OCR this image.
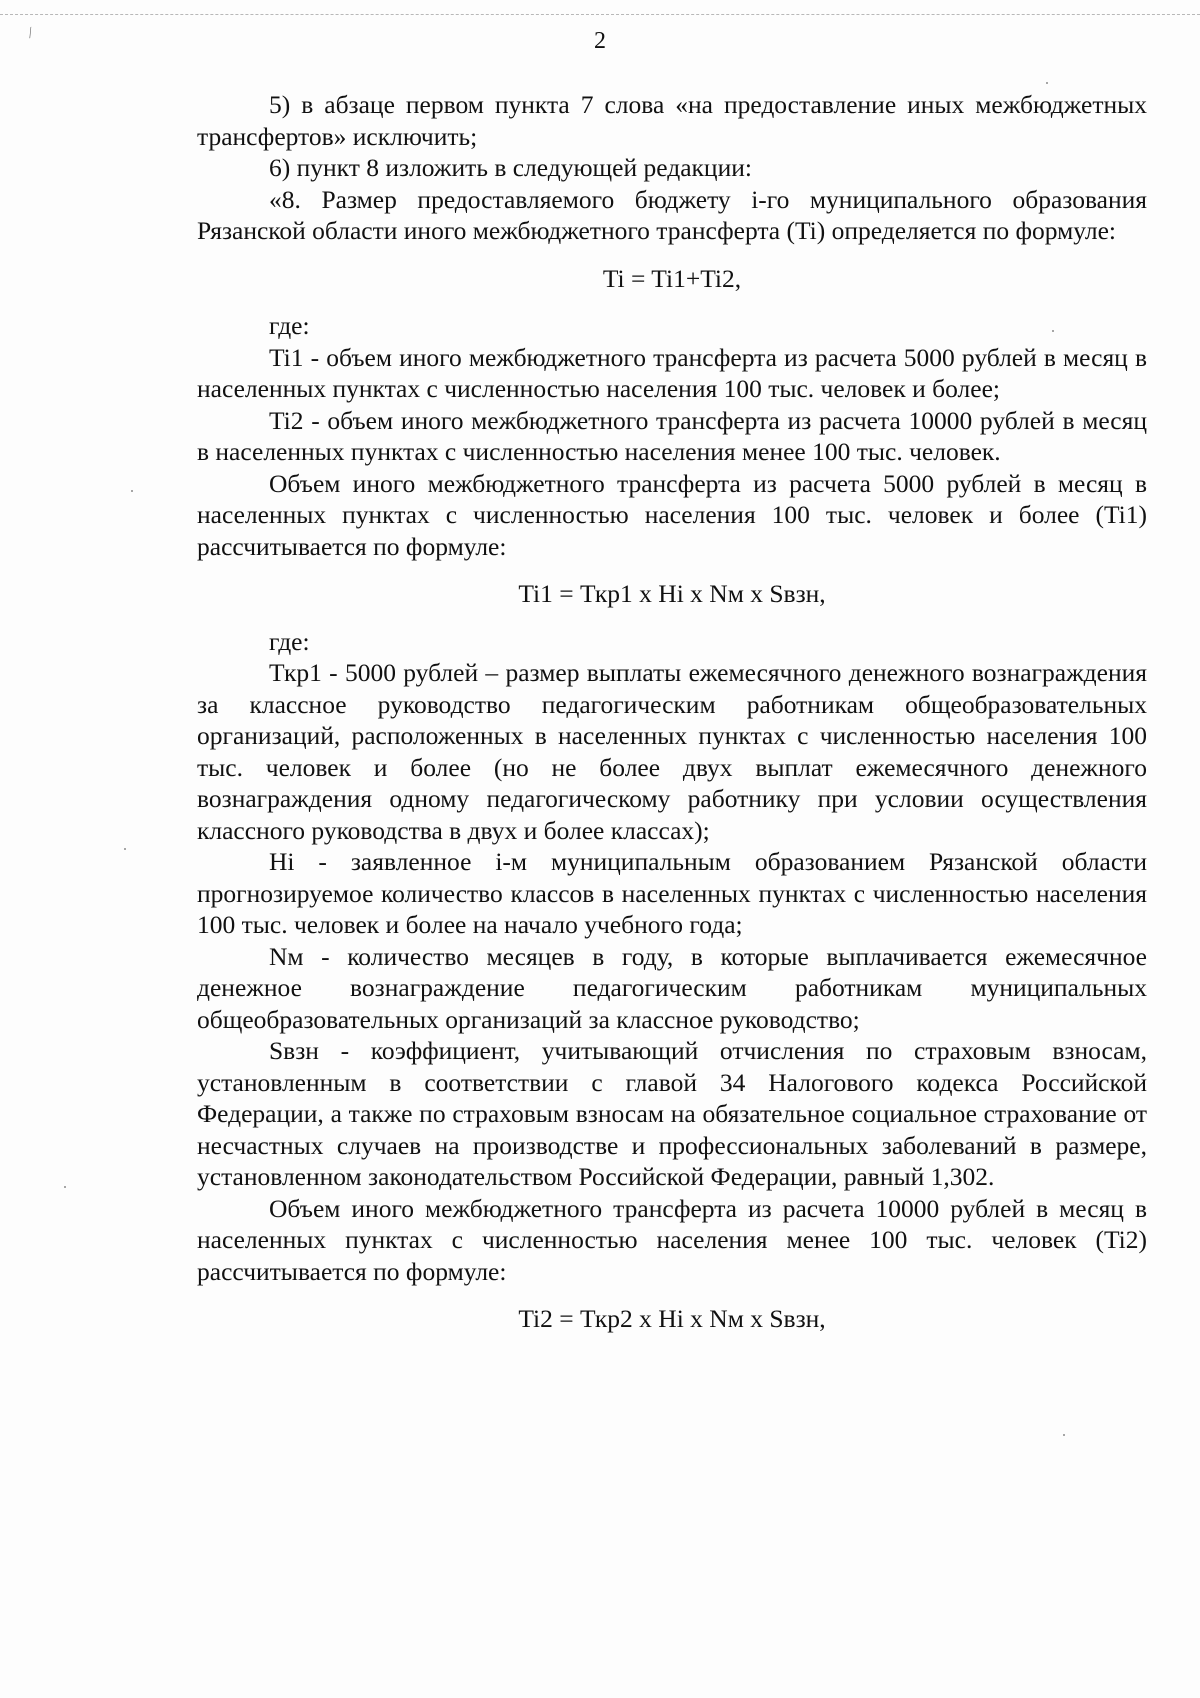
⁄	2

5) в абзаце первом пункта 7 слова «на предоставление иных межбюджетных трансфертов» исключить;

6) пункт 8 изложить в следующей редакции:

«8. Размер предоставляемого бюджету i-го муниципального образования Рязанской области иного межбюджетного трансферта (Ti) определяется по формуле:

Ti = Ti1+Ti2,

где:

Ti1 - объем иного межбюджетного трансферта из расчета 5000 рублей в месяц в населенных пунктах с численностью населения 100 тыс. человек и более;

Ti2 - объем иного межбюджетного трансферта из расчета 10000 рублей в месяц в населенных пунктах с численностью населения менее 100 тыс. человек.

Объем иного межбюджетного трансферта из расчета 5000 рублей в месяц в населенных пунктах с численностью населения 100 тыс. человек и более (Ti1) рассчитывается по формуле:

Ti1 = Ткр1 х Hi х Nм х Sвзн,

где:

Ткр1 - 5000 рублей – размер выплаты ежемесячного денежного вознаграждения за классное руководство педагогическим работникам общеобразовательных организаций, расположенных в населенных пунктах с численностью населения 100 тыс. человек и более (но не более двух выплат ежемесячного денежного вознаграждения одному педагогическому работнику при условии осуществления классного руководства в двух и более классах);

Hi - заявленное i-м муниципальным образованием Рязанской области прогнозируемое количество классов в населенных пунктах с численностью населения 100 тыс. человек и более на начало учебного года;

Nм - количество месяцев в году, в которые выплачивается ежемесячное денежное вознаграждение педагогическим работникам муниципальных общеобразовательных организаций за классное руководство;

Sвзн - коэффициент, учитывающий отчисления по страховым взносам, установленным в соответствии с главой 34 Налогового кодекса Российской Федерации, а также по страховым взносам на обязательное социальное страхование от несчастных случаев на производстве и профессиональных заболеваний в размере, установленном законодательством Российской Федерации, равный 1,302.

Объем иного межбюджетного трансферта из расчета 10000 рублей в месяц в населенных пунктах с численностью населения менее 100 тыс. человек (Ti2) рассчитывается по формуле:

Ti2 = Ткр2 х Hi х Nм х Sвзн,
